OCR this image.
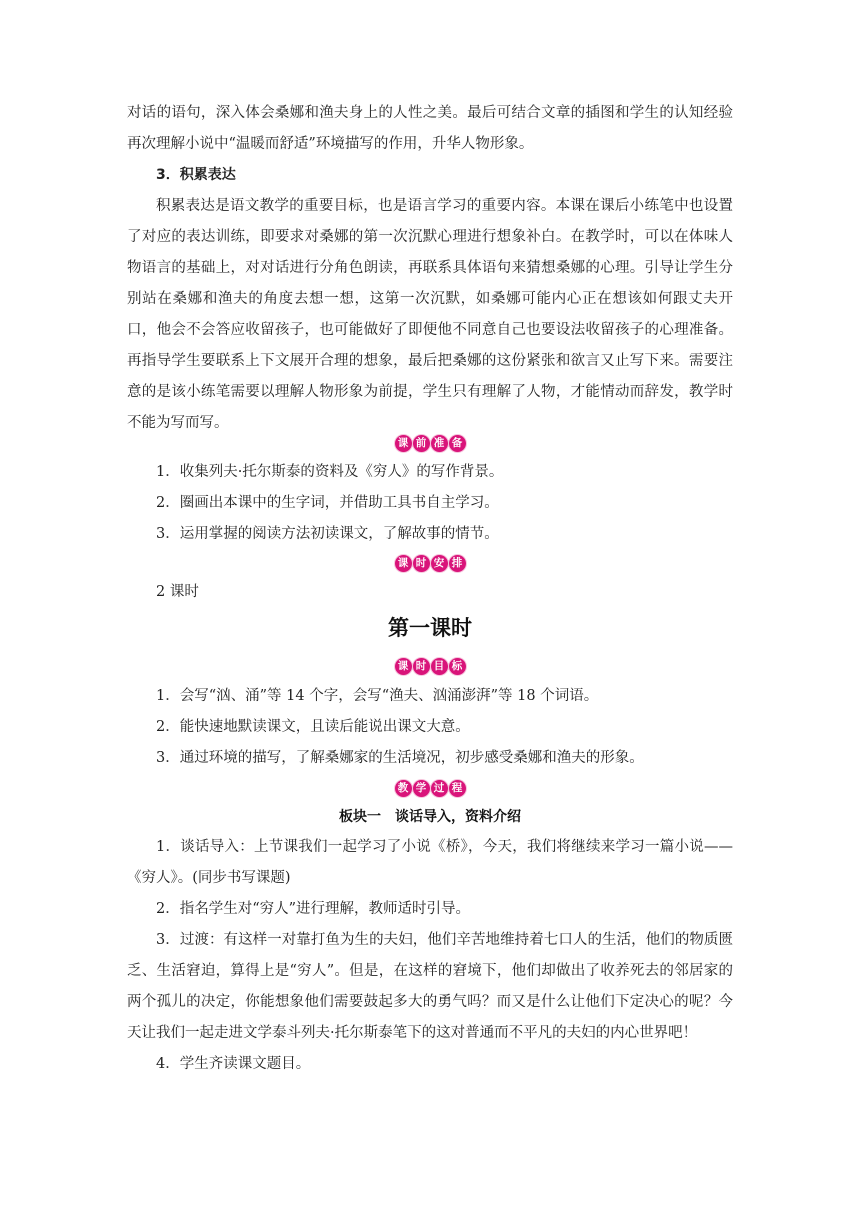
对话的语句，深入体会桑娜和渔夫身上的人性之美。最后可结合文章的插图和学生的认知经验再次理解小说中“温暖而舒适”环境描写的作用，升华人物形象。

3．积累表达

积累表达是语文教学的重要目标，也是语言学习的重要内容。本课在课后小练笔中也设置了对应的表达训练，即要求对桑娜的第一次沉默心理进行想象补白。在教学时，可以在体味人物语言的基础上，对对话进行分角色朗读，再联系具体语句来猜想桑娜的心理。引导让学生分别站在桑娜和渔夫的角度去想一想，这第一次沉默，如桑娜可能内心正在想该如何跟丈夫开口，他会不会答应收留孩子，也可能做好了即便他不同意自己也要设法收留孩子的心理准备。再指导学生要联系上下文展开合理的想象，最后把桑娜的这份紧张和欲言又止写下来。需要注意的是该小练笔需要以理解人物形象为前提，学生只有理解了人物，才能情动而辞发，教学时不能为写而写。

课 前 准 备

1．收集列夫·托尔斯泰的资料及《穷人》的写作背景。

2．圈画出本课中的生字词，并借助工具书自主学习。

3．运用掌握的阅读方法初读课文，了解故事的情节。

课 时 安 排

2 课时

第一课时
课 时 目 标

1．会写“汹、涌”等 14 个字，会写“渔夫、汹涌澎湃”等 18 个词语。

2．能快速地默读课文，且读后能说出课文大意。

3．通过环境的描写，了解桑娜家的生活境况，初步感受桑娜和渔夫的形象。

教 学 过 程
板块一　谈话导入，资料介绍

1．谈话导入：上节课我们一起学习了小说《桥》，今天，我们将继续来学习一篇小说——《穷人》。(同步书写课题)

2．指名学生对“穷人”进行理解，教师适时引导。

3．过渡：有这样一对靠打鱼为生的夫妇，他们辛苦地维持着七口人的生活，他们的物质匮乏、生活窘迫，算得上是“穷人”。但是，在这样的窘境下，他们却做出了收养死去的邻居家的两个孤儿的决定，你能想象他们需要鼓起多大的勇气吗？而又是什么让他们下定决心的呢？今天让我们一起走进文学泰斗列夫·托尔斯泰笔下的这对普通而不平凡的夫妇的内心世界吧！

4．学生齐读课文题目。
